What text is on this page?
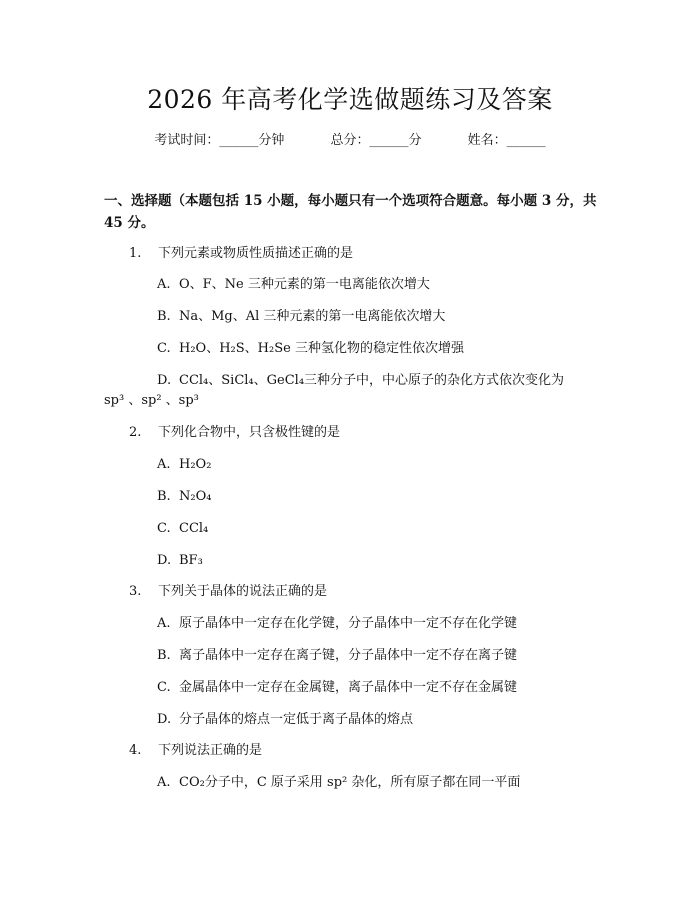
2026 年高考化学选做题练习及答案
考试时间：______分钟	总分：______分	姓名：______
一、选择题（本题包括 15 小题，每小题只有一个选项符合题意。每小题 3 分，共
45 分。
1. 下列元素或物质性质描述正确的是
A. O、F、Ne 三种元素的第一电离能依次增大
B. Na、Mg、Al 三种元素的第一电离能依次增大
C. H₂O、H₂S、H₂Se 三种氢化物的稳定性依次增强
D. CCl₄、SiCl₄、GeCl₄三种分子中，中心原子的杂化方式依次变化为
sp³ 、sp² 、sp³
2. 下列化合物中，只含极性键的是
A. H₂O₂
B. N₂O₄
C. CCl₄
D. BF₃
3. 下列关于晶体的说法正确的是
A. 原子晶体中一定存在化学键，分子晶体中一定不存在化学键
B. 离子晶体中一定存在离子键，分子晶体中一定不存在离子键
C. 金属晶体中一定存在金属键，离子晶体中一定不存在金属键
D. 分子晶体的熔点一定低于离子晶体的熔点
4. 下列说法正确的是
A. CO₂分子中，C 原子采用 sp² 杂化，所有原子都在同一平面
